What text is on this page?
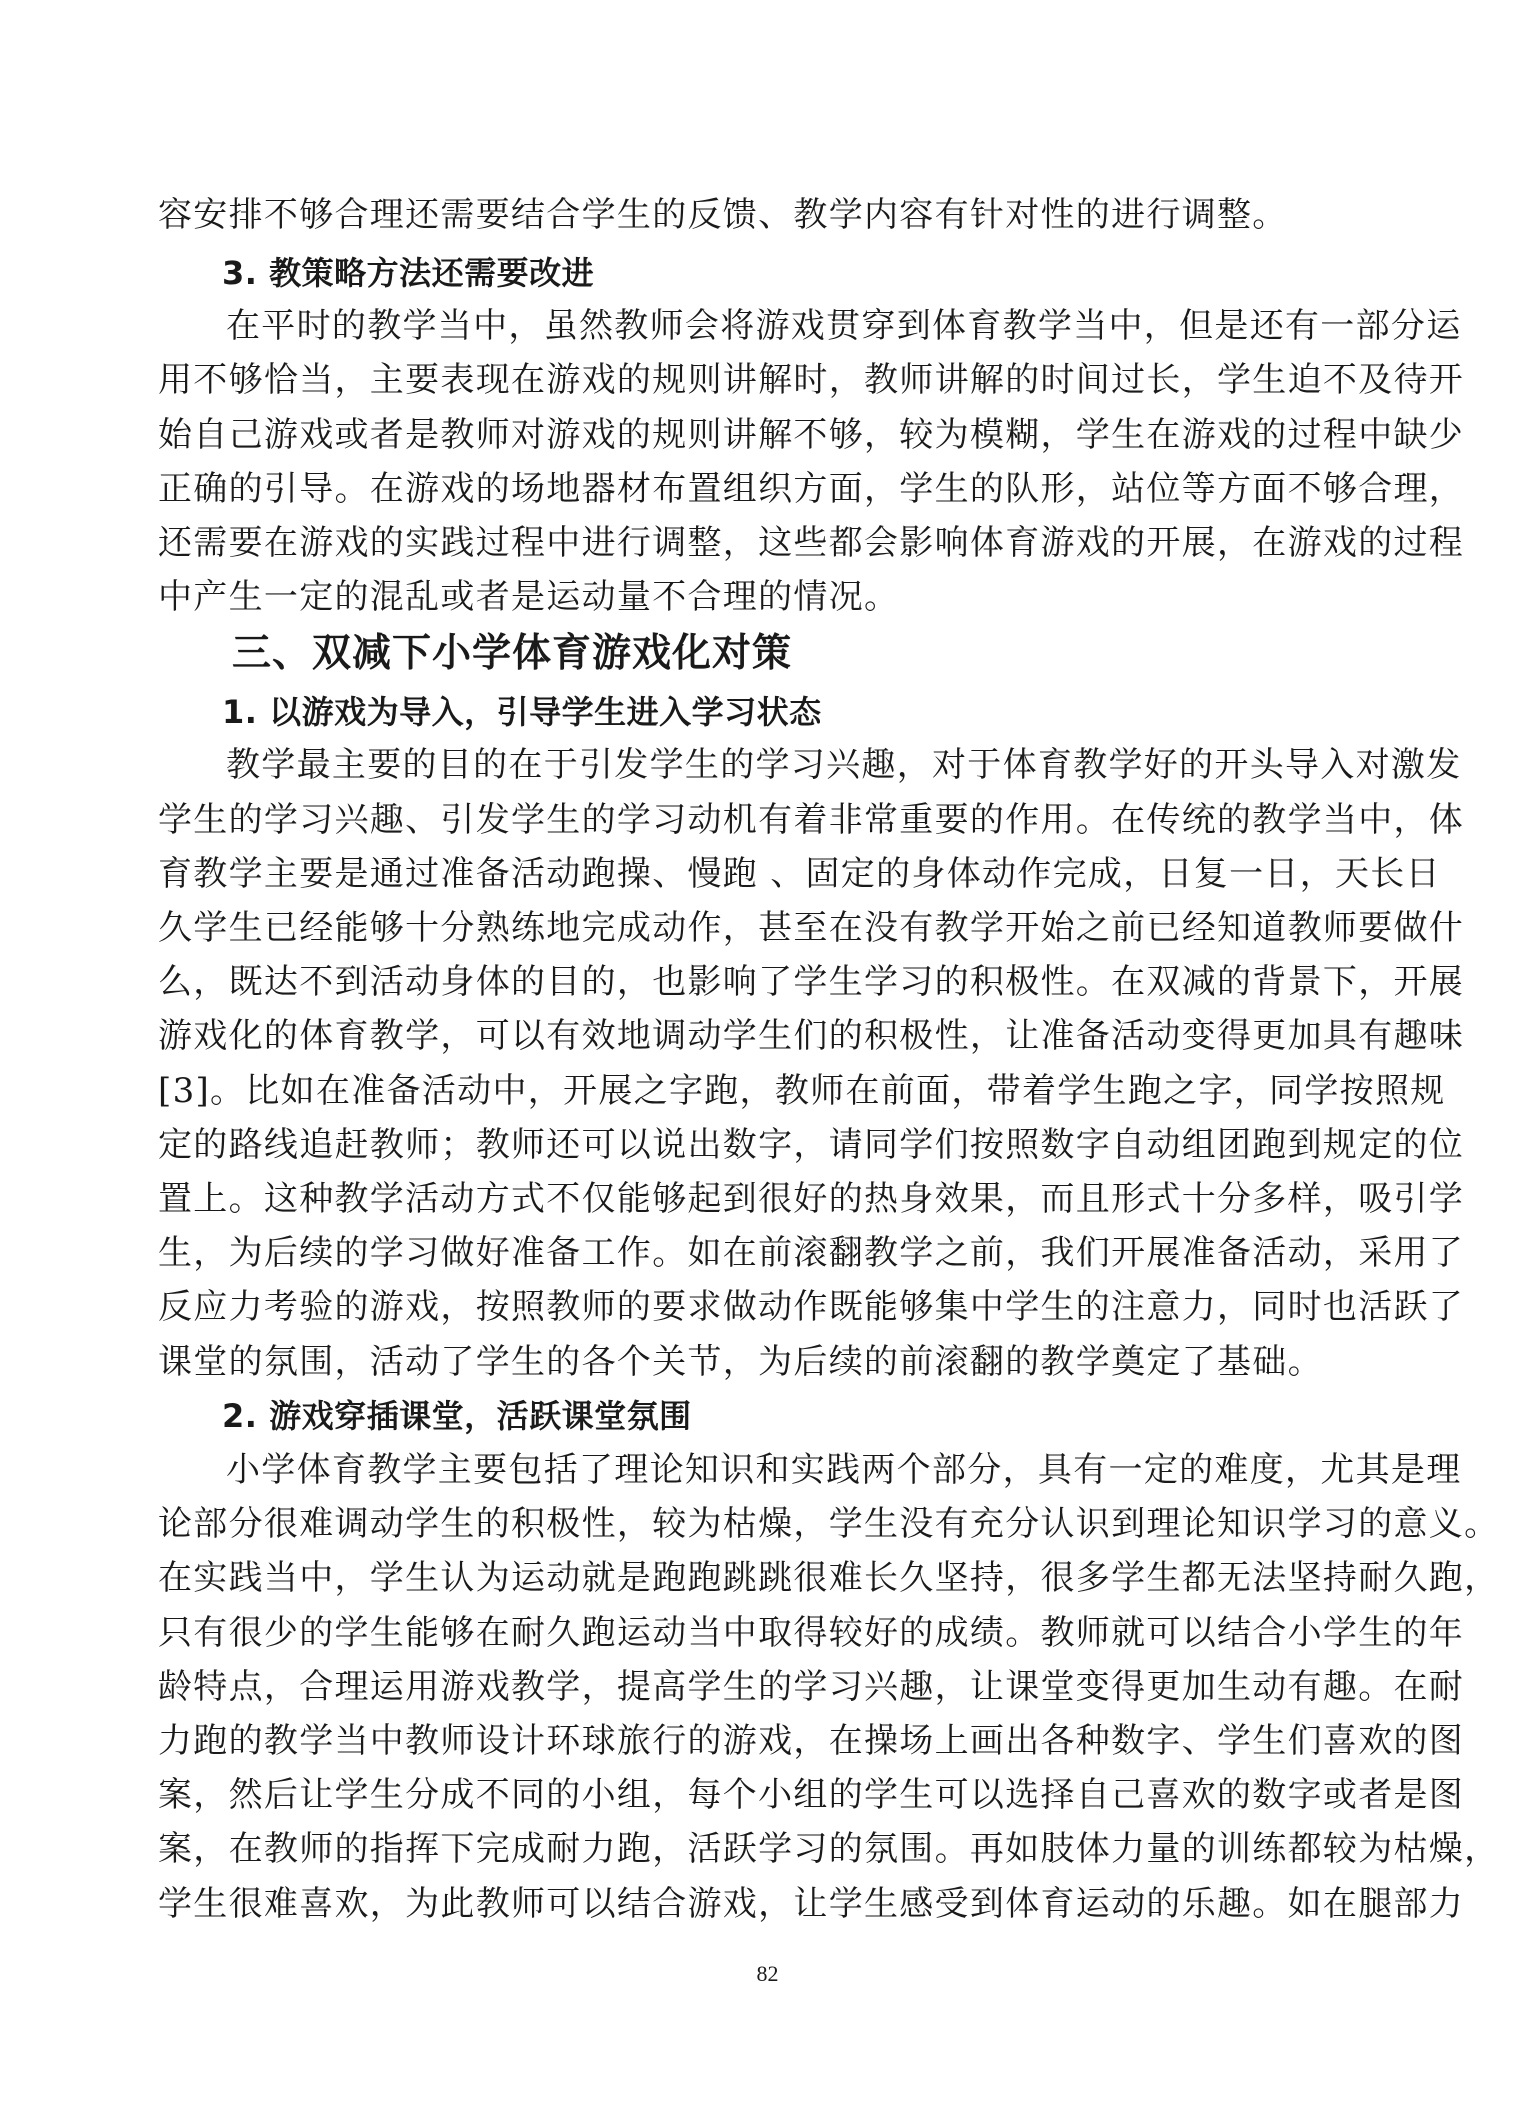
容安排不够合理还需要结合学生的反馈、教学内容有针对性的进行调整。
3. 教策略方法还需要改进
在平时的教学当中，虽然教师会将游戏贯穿到体育教学当中，但是还有一部分运
用不够恰当，主要表现在游戏的规则讲解时，教师讲解的时间过长，学生迫不及待开
始自己游戏或者是教师对游戏的规则讲解不够，较为模糊，学生在游戏的过程中缺少
正确的引导。在游戏的场地器材布置组织方面，学生的队形，站位等方面不够合理，
还需要在游戏的实践过程中进行调整，这些都会影响体育游戏的开展，在游戏的过程
中产生一定的混乱或者是运动量不合理的情况。
三、双减下小学体育游戏化对策
1. 以游戏为导入，引导学生进入学习状态
教学最主要的目的在于引发学生的学习兴趣，对于体育教学好的开头导入对激发
学生的学习兴趣、引发学生的学习动机有着非常重要的作用。在传统的教学当中，体
育教学主要是通过准备活动跑操、慢跑 、固定的身体动作完成，日复一日，天长日
久学生已经能够十分熟练地完成动作，甚至在没有教学开始之前已经知道教师要做什
么，既达不到活动身体的目的，也影响了学生学习的积极性。在双减的背景下，开展
游戏化的体育教学，可以有效地调动学生们的积极性，让准备活动变得更加具有趣味
[3]。比如在准备活动中，开展之字跑，教师在前面，带着学生跑之字，同学按照规
定的路线追赶教师；教师还可以说出数字，请同学们按照数字自动组团跑到规定的位
置上。这种教学活动方式不仅能够起到很好的热身效果，而且形式十分多样，吸引学
生，为后续的学习做好准备工作。如在前滚翻教学之前，我们开展准备活动，采用了
反应力考验的游戏，按照教师的要求做动作既能够集中学生的注意力，同时也活跃了
课堂的氛围，活动了学生的各个关节，为后续的前滚翻的教学奠定了基础。
2. 游戏穿插课堂，活跃课堂氛围
小学体育教学主要包括了理论知识和实践两个部分，具有一定的难度，尤其是理
论部分很难调动学生的积极性，较为枯燥，学生没有充分认识到理论知识学习的意义。
在实践当中，学生认为运动就是跑跑跳跳很难长久坚持，很多学生都无法坚持耐久跑，
只有很少的学生能够在耐久跑运动当中取得较好的成绩。教师就可以结合小学生的年
龄特点，合理运用游戏教学，提高学生的学习兴趣，让课堂变得更加生动有趣。在耐
力跑的教学当中教师设计环球旅行的游戏，在操场上画出各种数字、学生们喜欢的图
案，然后让学生分成不同的小组，每个小组的学生可以选择自己喜欢的数字或者是图
案，在教师的指挥下完成耐力跑，活跃学习的氛围。再如肢体力量的训练都较为枯燥，
学生很难喜欢，为此教师可以结合游戏，让学生感受到体育运动的乐趣。如在腿部力
82
